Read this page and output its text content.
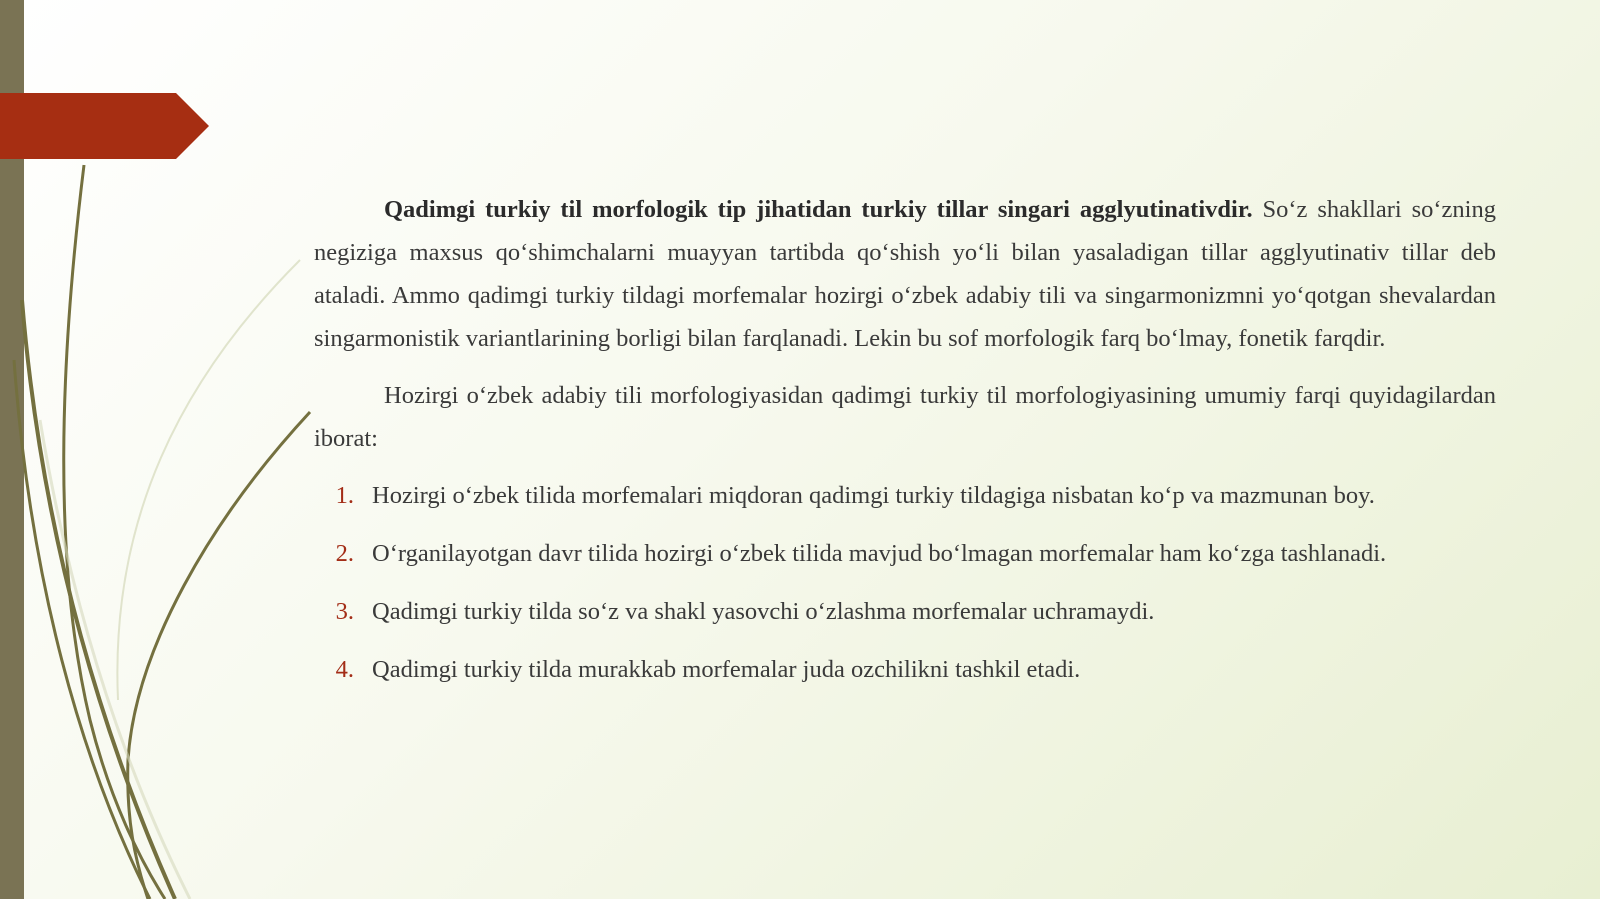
Qadimgi turkiy til morfologik tip jihatidan turkiy tillar singari agglyutinativdir. So‘z shakllari so‘zning negiziga maxsus qo‘shimchalarni muayyan tartibda qo‘shish yo‘li bilan yasaladigan tillar agglyutinativ tillar deb ataladi. Ammo qadimgi turkiy tildagi morfemalar hozirgi o‘zbek adabiy tili va singarmonizmni yo‘qotgan shevalardan singarmonistik variantlarining borligi bilan farqlanadi. Lekin bu sof morfologik farq bo‘lmay, fonetik farqdir.

Hozirgi o‘zbek adabiy tili morfologiyasidan qadimgi turkiy til morfologiyasining umumiy farqi quyidagilardan iborat:

1. Hozirgi o‘zbek tilida morfemalari miqdoran qadimgi turkiy tildagiga nisbatan ko‘p va mazmunan boy.
2. O‘rganilayotgan davr tilida hozirgi o‘zbek tilida mavjud bo‘lmagan morfemalar ham ko‘zga tashlanadi.
3. Qadimgi turkiy tilda so‘z va shakl yasovchi o‘zlashma morfemalar uchramaydi.
4. Qadimgi turkiy tilda murakkab morfemalar juda ozchilikni tashkil etadi.
